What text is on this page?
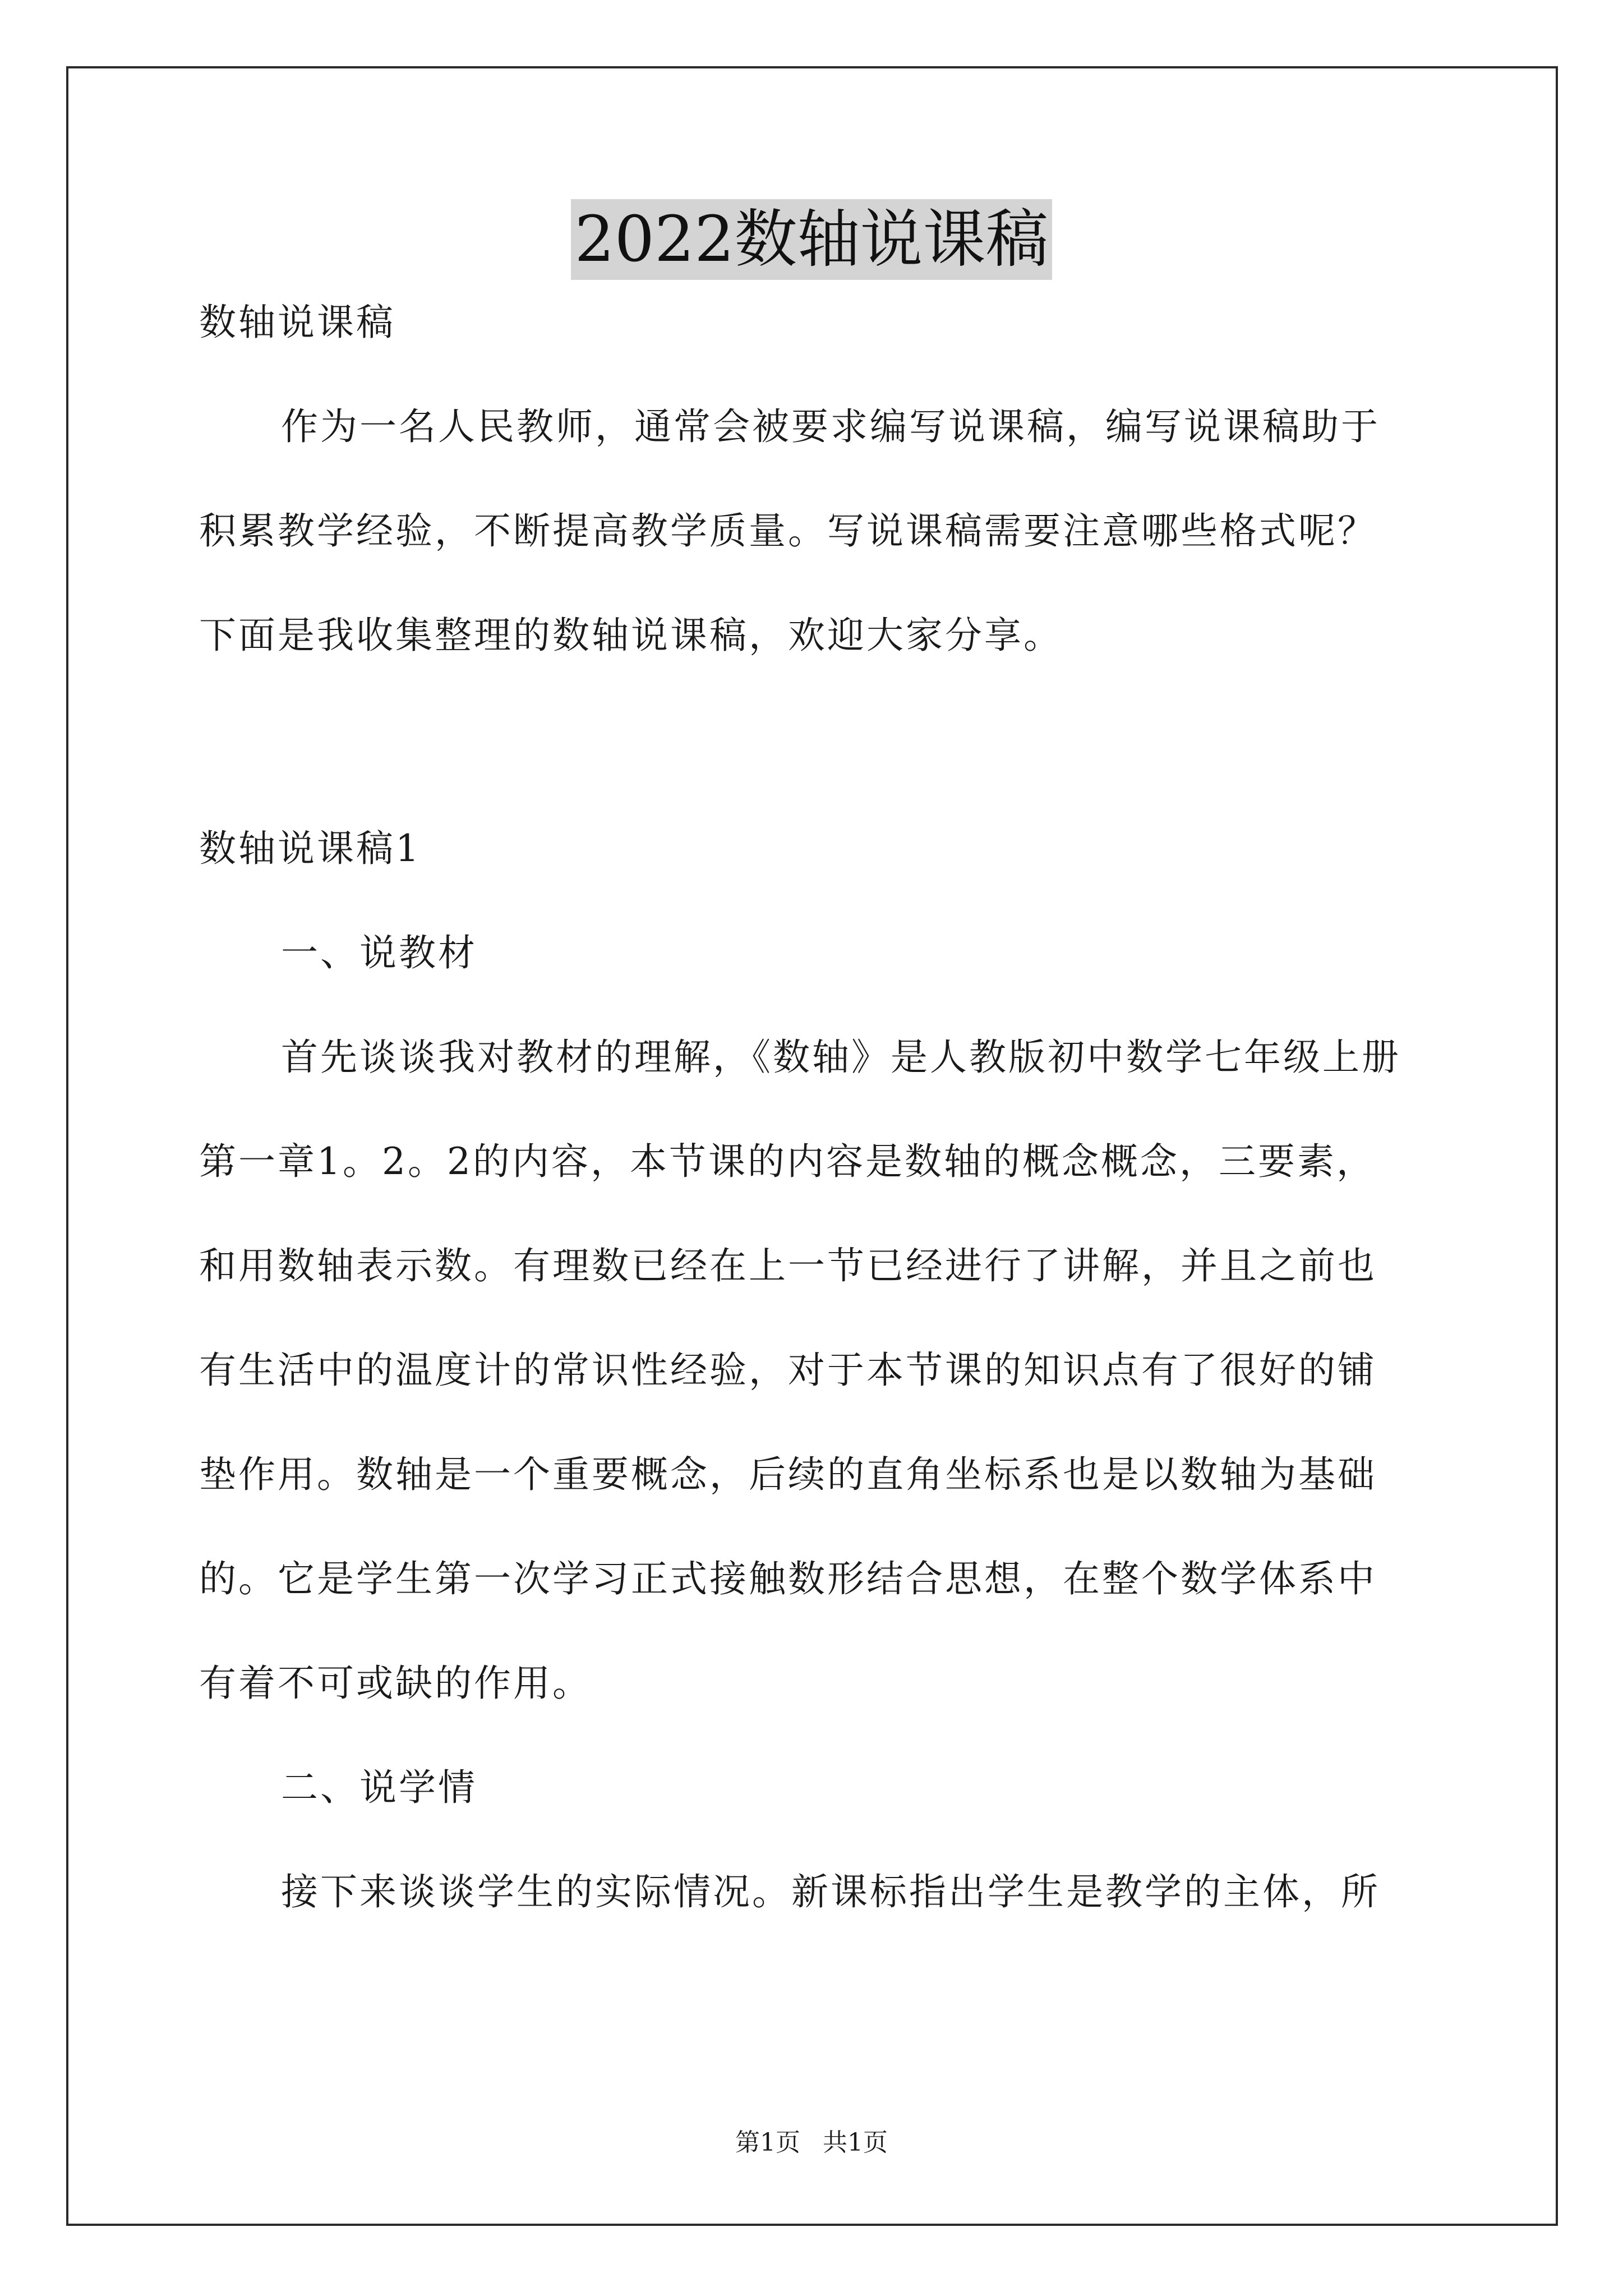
2022数轴说课稿
数轴说课稿
作为一名人民教师，通常会被要求编写说课稿，编写说课稿助于
积累教学经验，不断提高教学质量。写说课稿需要注意哪些格式呢？
下面是我收集整理的数轴说课稿，欢迎大家分享。
数轴说课稿1
一、说教材
首先谈谈我对教材的理解，《数轴》是人教版初中数学七年级上册
第一章1。2。2的内容，本节课的内容是数轴的概念概念，三要素，
和用数轴表示数。有理数已经在上一节已经进行了讲解，并且之前也
有生活中的温度计的常识性经验，对于本节课的知识点有了很好的铺
垫作用。数轴是一个重要概念，后续的直角坐标系也是以数轴为基础
的。它是学生第一次学习正式接触数形结合思想，在整个数学体系中
有着不可或缺的作用。
二、说学情
接下来谈谈学生的实际情况。新课标指出学生是教学的主体，所
第1页 共1页
